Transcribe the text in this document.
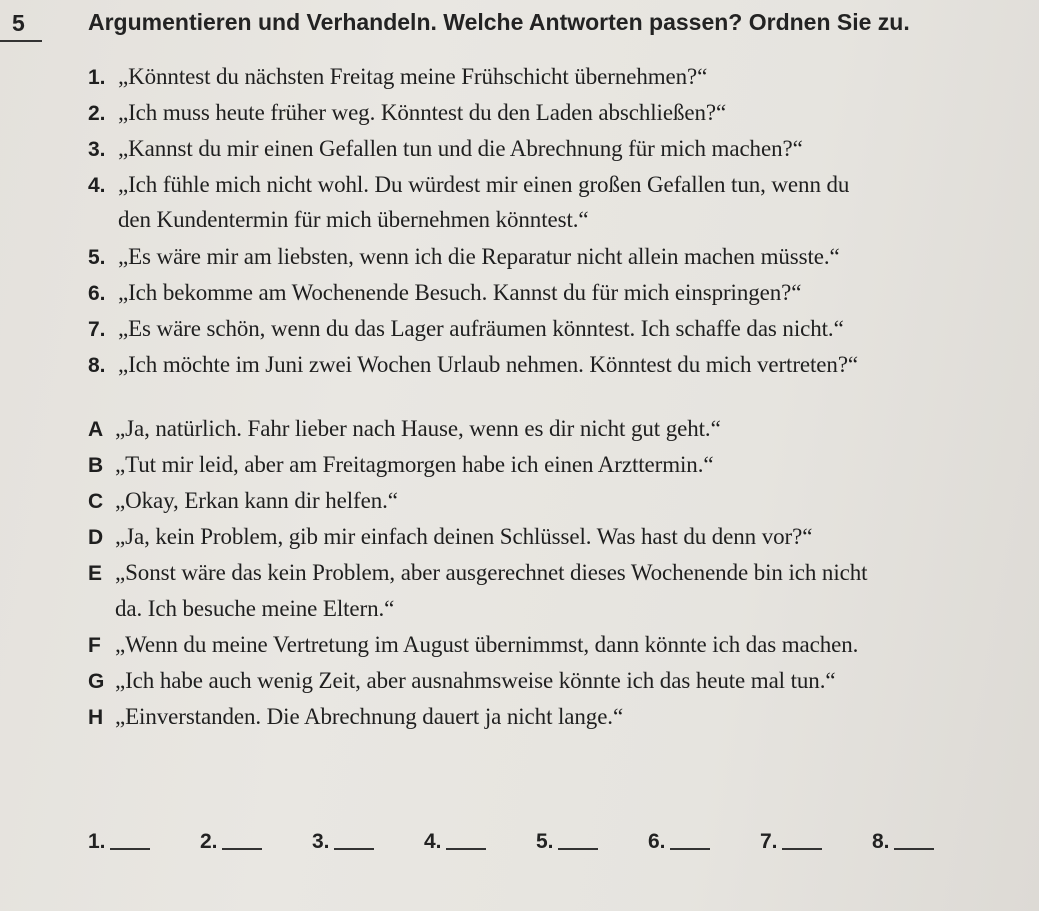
5	Argumentieren und Verhandeln. Welche Antworten passen? Ordnen Sie zu.
1. „Könntest du nächsten Freitag meine Frühschicht übernehmen?“
2. „Ich muss heute früher weg. Könntest du den Laden abschließen?“
3. „Kannst du mir einen Gefallen tun und die Abrechnung für mich machen?“
4. „Ich fühle mich nicht wohl. Du würdest mir einen großen Gefallen tun, wenn du
den Kundentermin für mich übernehmen könntest.“
5. „Es wäre mir am liebsten, wenn ich die Reparatur nicht allein machen müsste.“
6. „Ich bekomme am Wochenende Besuch. Kannst du für mich einspringen?“
7. „Es wäre schön, wenn du das Lager aufräumen könntest. Ich schaffe das nicht.“
8. „Ich möchte im Juni zwei Wochen Urlaub nehmen. Könntest du mich vertreten?“
A „Ja, natürlich. Fahr lieber nach Hause, wenn es dir nicht gut geht.“
B „Tut mir leid, aber am Freitagmorgen habe ich einen Arzttermin.“
C „Okay, Erkan kann dir helfen.“
D „Ja, kein Problem, gib mir einfach deinen Schlüssel. Was hast du denn vor?“
E „Sonst wäre das kein Problem, aber ausgerechnet dieses Wochenende bin ich nicht
da. Ich besuche meine Eltern.“
F „Wenn du meine Vertretung im August übernimmst, dann könnte ich das machen.
G „Ich habe auch wenig Zeit, aber ausnahmsweise könnte ich das heute mal tun.“
H „Einverstanden. Die Abrechnung dauert ja nicht lange.“
1.	2.	3.	4.	5.	6.	7.	8.
